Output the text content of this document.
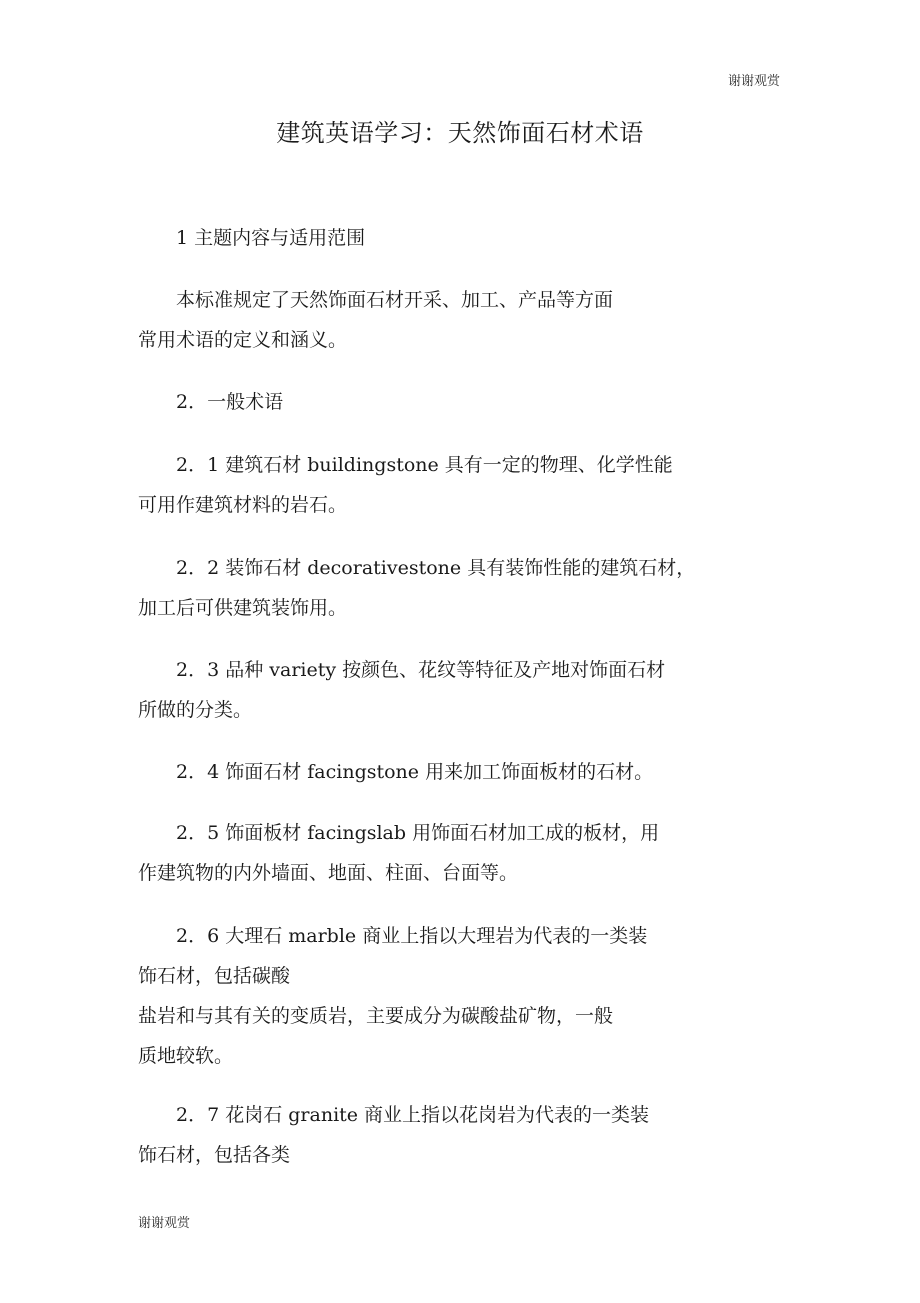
谢谢观赏
建筑英语学习：天然饰面石材术语

1 主题内容与适用范围

本标准规定了天然饰面石材开采、加工、产品等方面

常用术语的定义和涵义。

2．一般术语

2．1 建筑石材 buildingstone 具有一定的物理、化学性能

可用作建筑材料的岩石。

2．2 装饰石材 decorativestone 具有装饰性能的建筑石材，

加工后可供建筑装饰用。

2．3 品种 variety 按颜色、花纹等特征及产地对饰面石材

所做的分类。

2．4 饰面石材 facingstone 用来加工饰面板材的石材。

2．5 饰面板材 facingslab 用饰面石材加工成的板材，用

作建筑物的内外墙面、地面、柱面、台面等。

2．6 大理石 marble 商业上指以大理岩为代表的一类装

饰石材，包括碳酸

盐岩和与其有关的变质岩，主要成分为碳酸盐矿物，一般

质地较软。

2．7 花岗石 granite 商业上指以花岗岩为代表的一类装

饰石材，包括各类

谢谢观赏
